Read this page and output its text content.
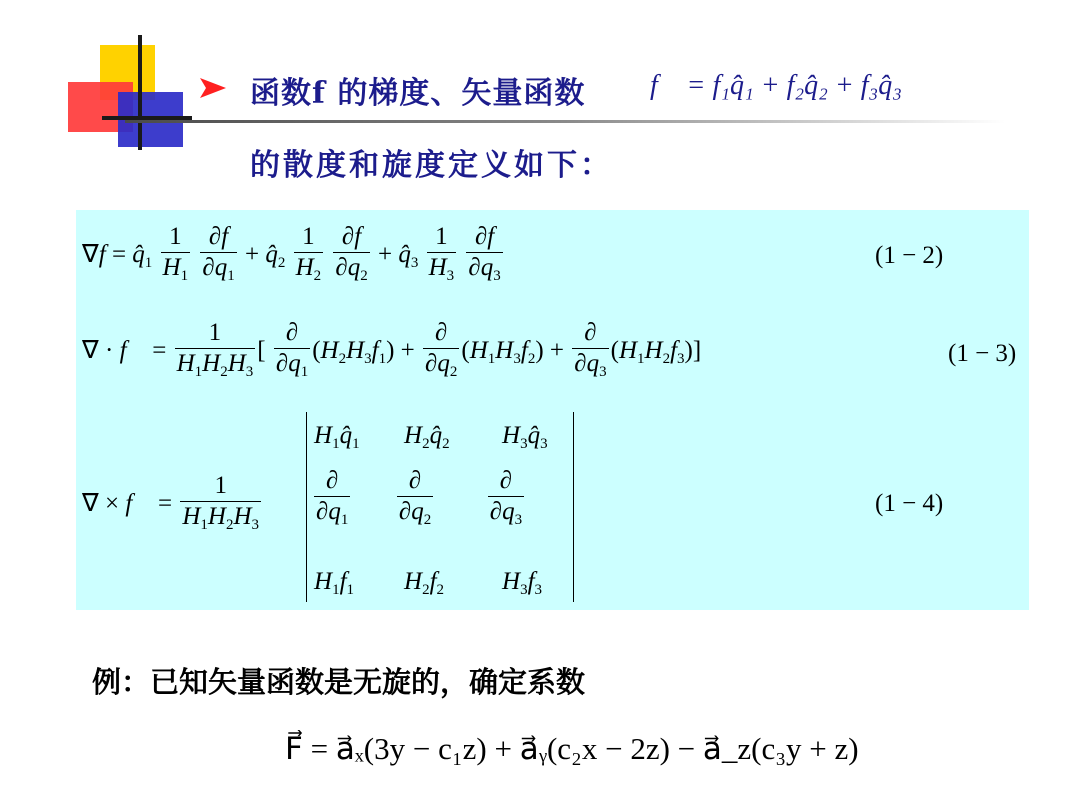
函数f 的梯度、矢量函数 f⃗ = f₁q̂₁ + f₂q̂₂ + f₃q̂₃
的散度和旋度定义如下：
$\nabla f = q̂_1 \frac{1}{H_1}$
$\frac{\partial f}{\partial q_1}$ + $q̂_2 \frac{1}{H_2}$
$\frac{\partial f}{\partial q_2}$ + $q̂_3 \frac{1}{H_3}$
$\frac{\partial f}{\partial q_3}$	(1 − 2)
∇ · f⃗ = $\frac{1}{H_1H_2H_3}$ [ $\frac{\partial}{\partial q_1} (H_2H_3f_1) + \frac{\partial}{\partial q_2} (H_1H_3f_2) + \frac{\partial}{\partial q_3} (H_1H_2f_3)$]	(1 − 3)
∇ × f⃗ = $\frac{1}{H_1H_2H_3}$
$H_1q̂_1$ $H_2q̂_2$ $H_3q̂_3$
$\frac{\partial}{\partial q_1}$
$\frac{\partial}{\partial q_2}$
$\frac{\partial}{\partial q_3}$
$H_1f_1$ $H_2f_2$ $H_3f_3$
(1 − 4)
例：已知矢量函数是无旋的，确定系数
F⃗ = a⃗ₓ(3y − c₁z) + a⃗ᵧ(c₂x − 2z) − a⃗_z(c₃y + z)
